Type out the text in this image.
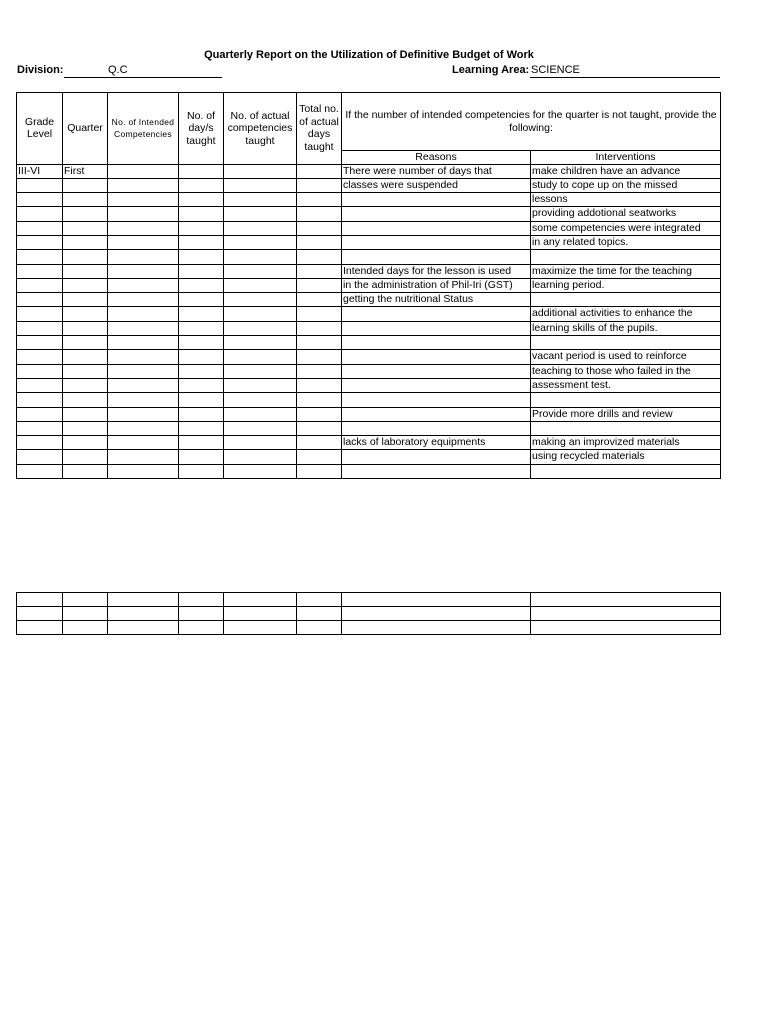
Quarterly Report on the Utilization of Definitive Budget of Work
Division:	Q.C	Learning Area: SCIENCE
Grade Level	Quarter	No. of Intended Competencies	No. of day/s taught	No. of actual competencies taught	Total no. of actual days taught	If the number of intended competencies for the quarter is not taught, provide the following:	
						Reasons	Interventions
III-VI	First					There were number of days that	make children have an advance
						classes were suspended	study to cope up on the missed
							lessons
							providing addotional seatworks
							some competencies were integrated
							in any related topics.

						Intended days for the lesson is used	maximize the time for the teaching
						in the administration of Phil-Iri (GST)	learning period.
						getting the nutritional Status	
							additional activities to enhance the
							learning skills of the pupils.

							vacant period is used to reinforce
							teaching to those who failed in the
							assessment test.

							Provide more drills and review

						lacks of laboratory equipments	making an improvized materials
							using recycled materials
